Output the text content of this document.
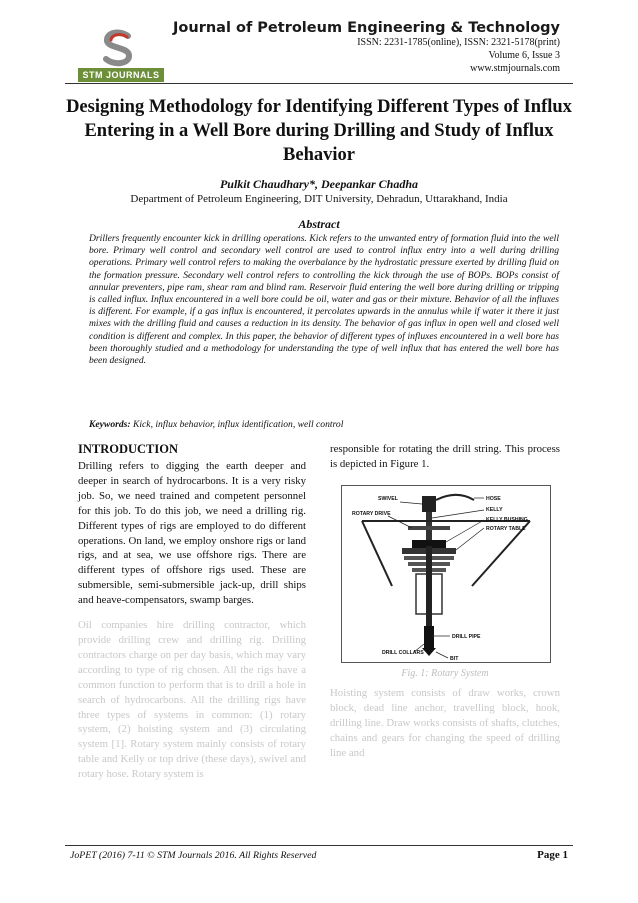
STM JOURNALS
Journal of Petroleum Engineering & Technology
ISSN: 2231-1785(online), ISSN: 2321-5178(print)
Volume 6, Issue 3
www.stmjournals.com
Designing Methodology for Identifying Different Types of Influx Entering in a Well Bore during Drilling and Study of Influx Behavior
Pulkit Chaudhary*, Deepankar Chadha
Department of Petroleum Engineering, DIT University, Dehradun, Uttarakhand, India
Abstract
Drillers frequently encounter kick in drilling operations. Kick refers to the unwanted entry of formation fluid into the well bore. Primary well control and secondary well control are used to control influx entry into a well during drilling operations. Primary well control refers to making the overbalance by the hydrostatic pressure exerted by drilling fluid on the formation pressure. Secondary well control refers to controlling the kick through the use of BOPs. BOPs consist of annular preventers, pipe ram, shear ram and blind ram. Reservoir fluid entering the well bore during drilling or tripping is called influx. Influx encountered in a well bore could be oil, water and gas or their mixture. Behavior of all the influxes is different. For example, if a gas influx is encountered, it percolates upwards in the annulus while if water it there it just mixes with the drilling fluid and causes a reduction in its density. The behavior of gas influx in open well and closed well condition is different and complex. In this paper, the behavior of different types of influxes encountered in a well bore has been thoroughly studied and a methodology for understanding the type of well influx that has entered the well bore has been designed.
Keywords: Kick, influx behavior, influx identification, well control
INTRODUCTION

Drilling refers to digging the earth deeper and deeper in search of hydrocarbons. It is a very risky job. So, we need trained and competent personnel for this job. To do this job, we need a drilling rig. Different types of rigs are employed to do different operations. On land, we employ onshore rigs or land rigs, and at sea, we use offshore rigs. There are different types of offshore rigs used. These are submersible, semi-submersible jack-up, drill ships and heave-compensators, swamp barges.

Oil companies hire drilling contractor, which provide drilling crew and drilling rig. Drilling contractors charge on per day basis, which may vary according to type of rig chosen. All the rigs have a common function to perform that is to drill a hole in search of hydrocarbons. All the drilling rigs have three types of systems in common: (1) rotary system, (2) hoisting system and (3) circulating system [1]. Rotary system mainly consists of rotary table and Kelly or top drive (these days), swivel and rotary hose. Rotary system is

responsible for rotating the drill string. This process is depicted in Figure 1.

SWIVEL	HOSE
KELLY
ROTARY DRIVE
KELLY BUSHING
ROTARY TABLE
DRILL PIPE
DRILL COLLARS
BIT
Fig. 1: Rotary System

Hoisting system consists of draw works, crown block, dead line anchor, travelling block, hook, drilling line. Draw works consists of shafts, clutches, chains and gears for changing the speed of drilling line and

JoPET (2016) 7-11 © STM Journals 2016. All Rights Reserved	Page 1
